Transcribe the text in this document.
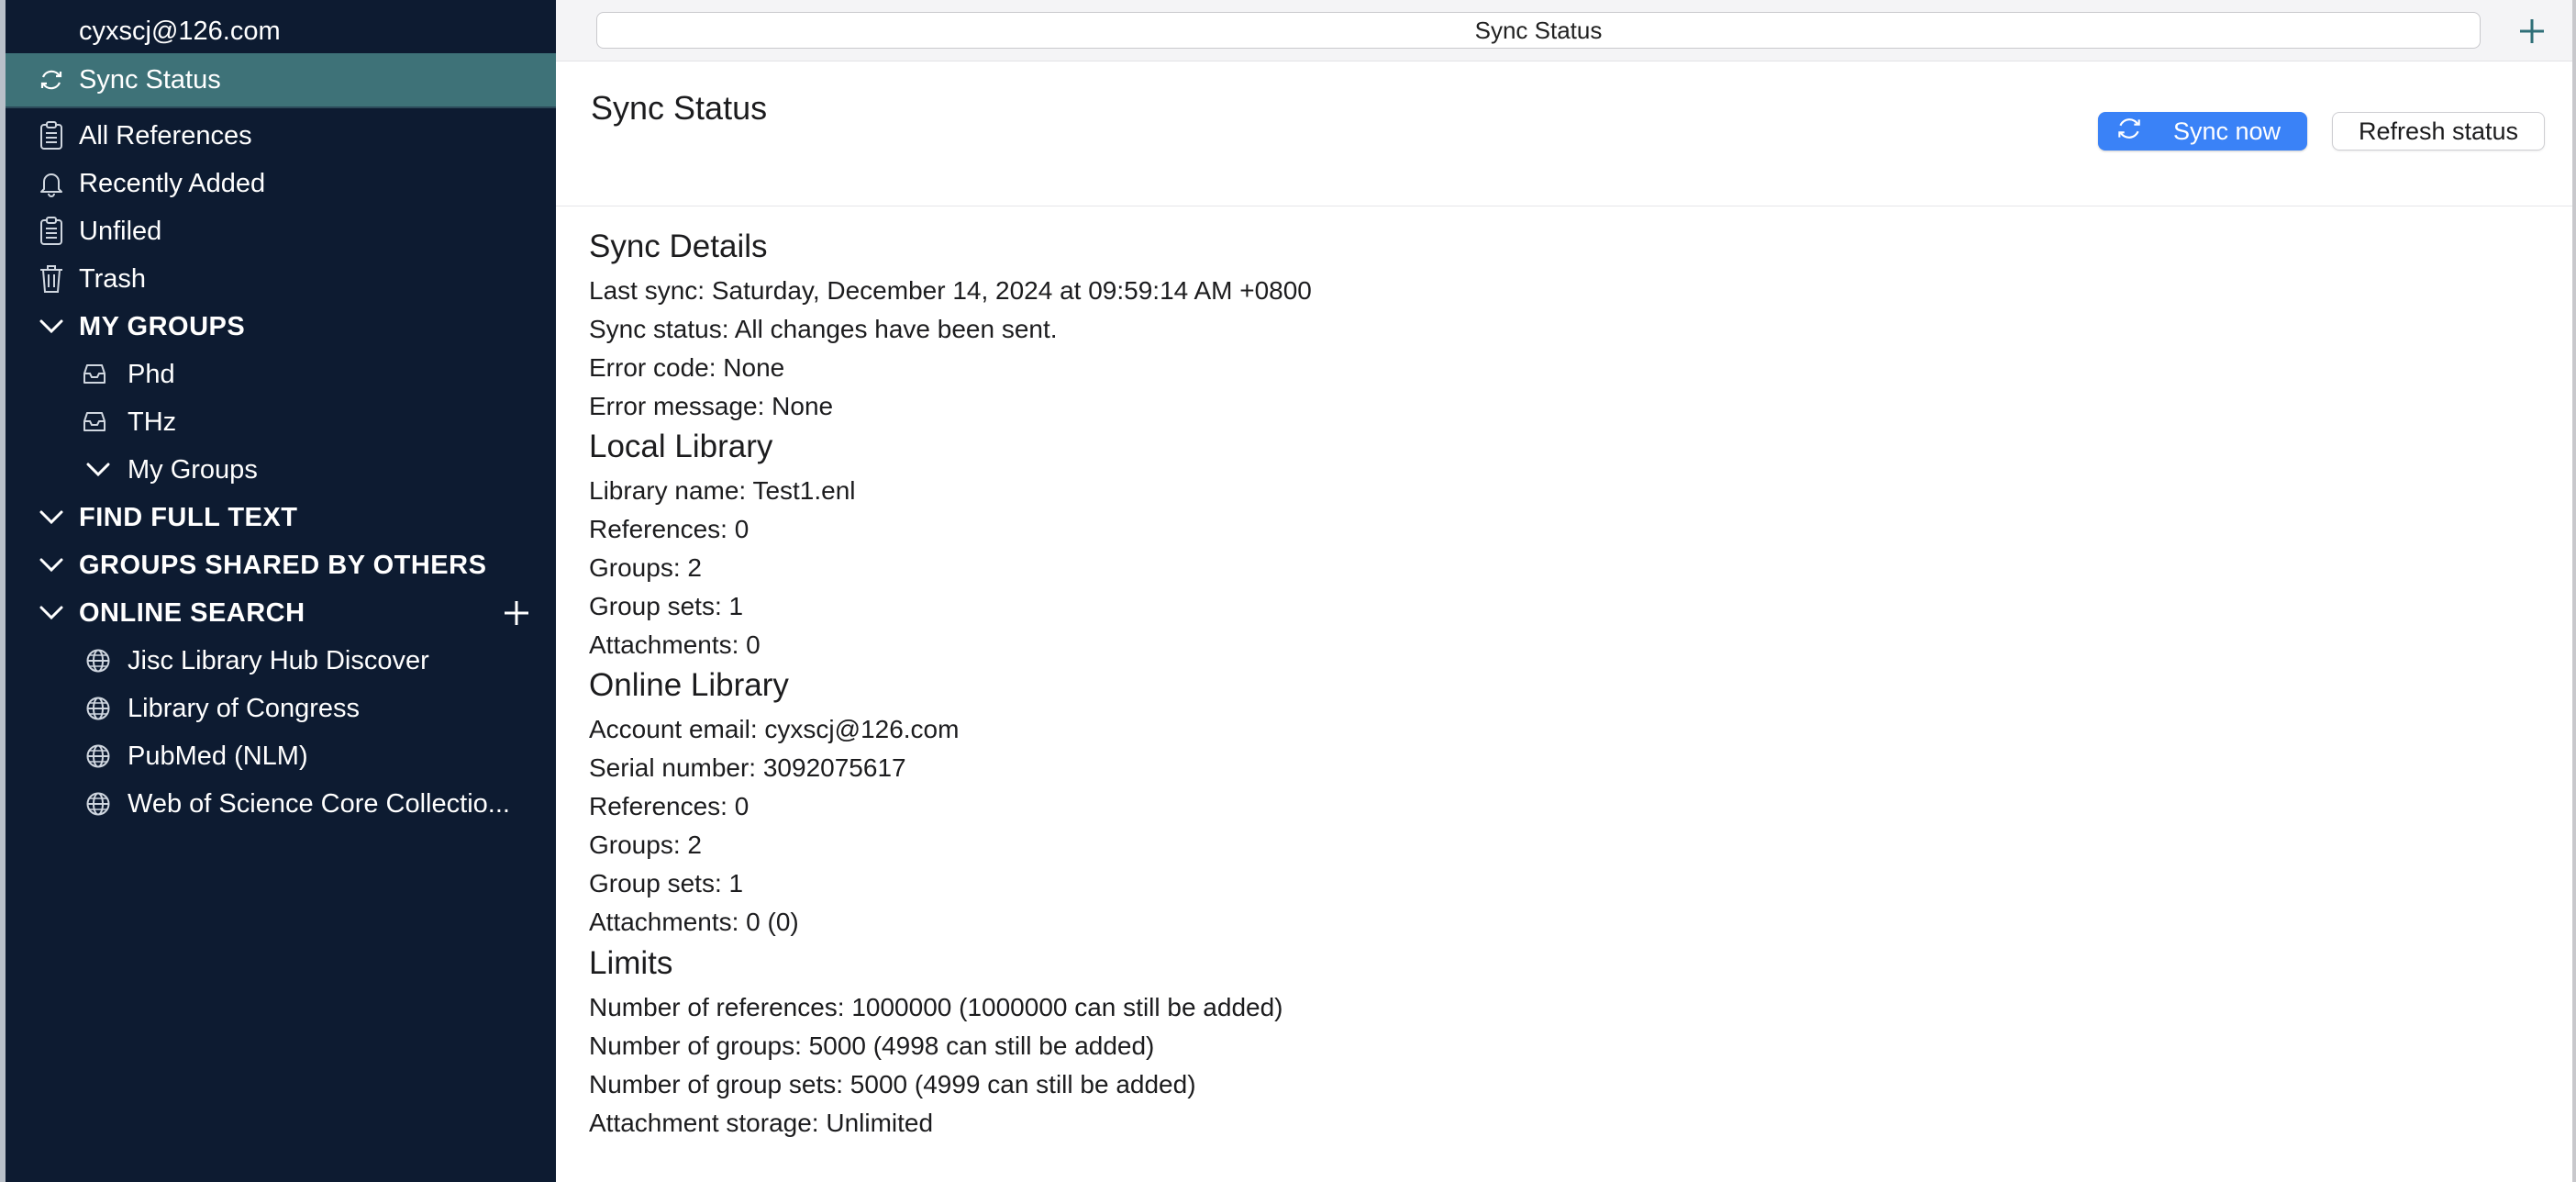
cyxscj@126.com
Sync Status
All References
Recently Added
Unfiled
Trash
MY GROUPS
Phd
THz
My Groups
FIND FULL TEXT
GROUPS SHARED BY OTHERS
ONLINE SEARCH
Jisc Library Hub Discover
Library of Congress
PubMed (NLM)
Web of Science Core Collectio...
Sync Status
Sync Status
Sync now	Refresh status
Sync Details
Last sync: Saturday, December 14, 2024 at 09:59:14 AM +0800
Sync status: All changes have been sent.
Error code: None
Error message: None
Local Library
Library name: Test1.enl
References: 0
Groups: 2
Group sets: 1
Attachments: 0
Online Library
Account email: cyxscj@126.com
Serial number: 3092075617
References: 0
Groups: 2
Group sets: 1
Attachments: 0 (0)
Limits
Number of references: 1000000 (1000000 can still be added)
Number of groups: 5000 (4998 can still be added)
Number of group sets: 5000 (4999 can still be added)
Attachment storage: Unlimited
